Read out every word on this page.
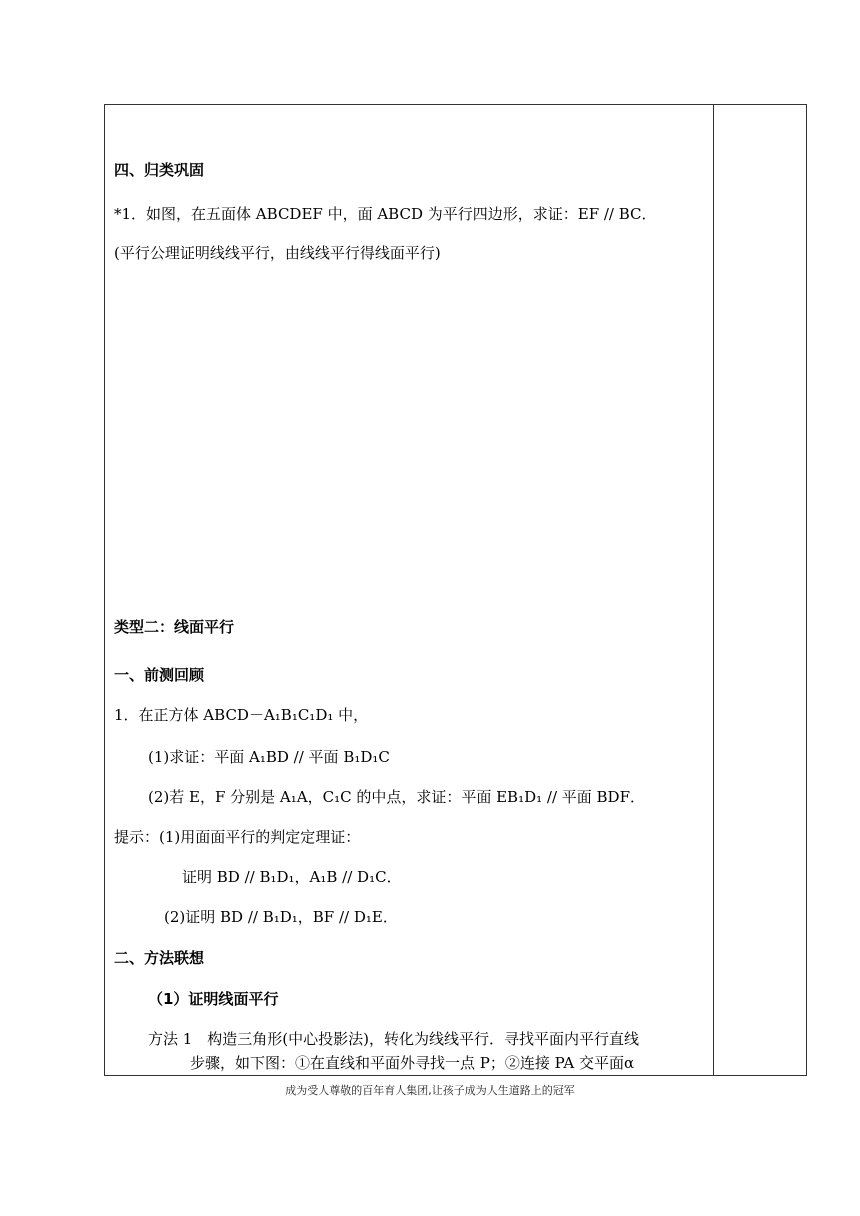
四、归类巩固
*1．如图，在五面体 ABCDEF 中，面 ABCD 为平行四边形，求证：EF // BC．
(平行公理证明线线平行，由线线平行得线面平行)
类型二：线面平行
一、前测回顾
1．在正方体 ABCD－A₁B₁C₁D₁ 中，
(1)求证：平面 A₁BD // 平面 B₁D₁C
(2)若 E，F 分别是 A₁A，C₁C 的中点，求证：平面 EB₁D₁ // 平面 BDF．
提示：(1)用面面平行的判定定理证：
证明 BD // B₁D₁，A₁B // D₁C．
(2)证明 BD // B₁D₁，BF // D₁E．
二、方法联想
（1）证明线面平行
方法 1　构造三角形(中心投影法)，转化为线线平行．寻找平面内平行直线
步骤，如下图：①在直线和平面外寻找一点 P；②连接 PA 交平面α
成为受人尊敬的百年育人集团,让孩子成为人生道路上的冠军
